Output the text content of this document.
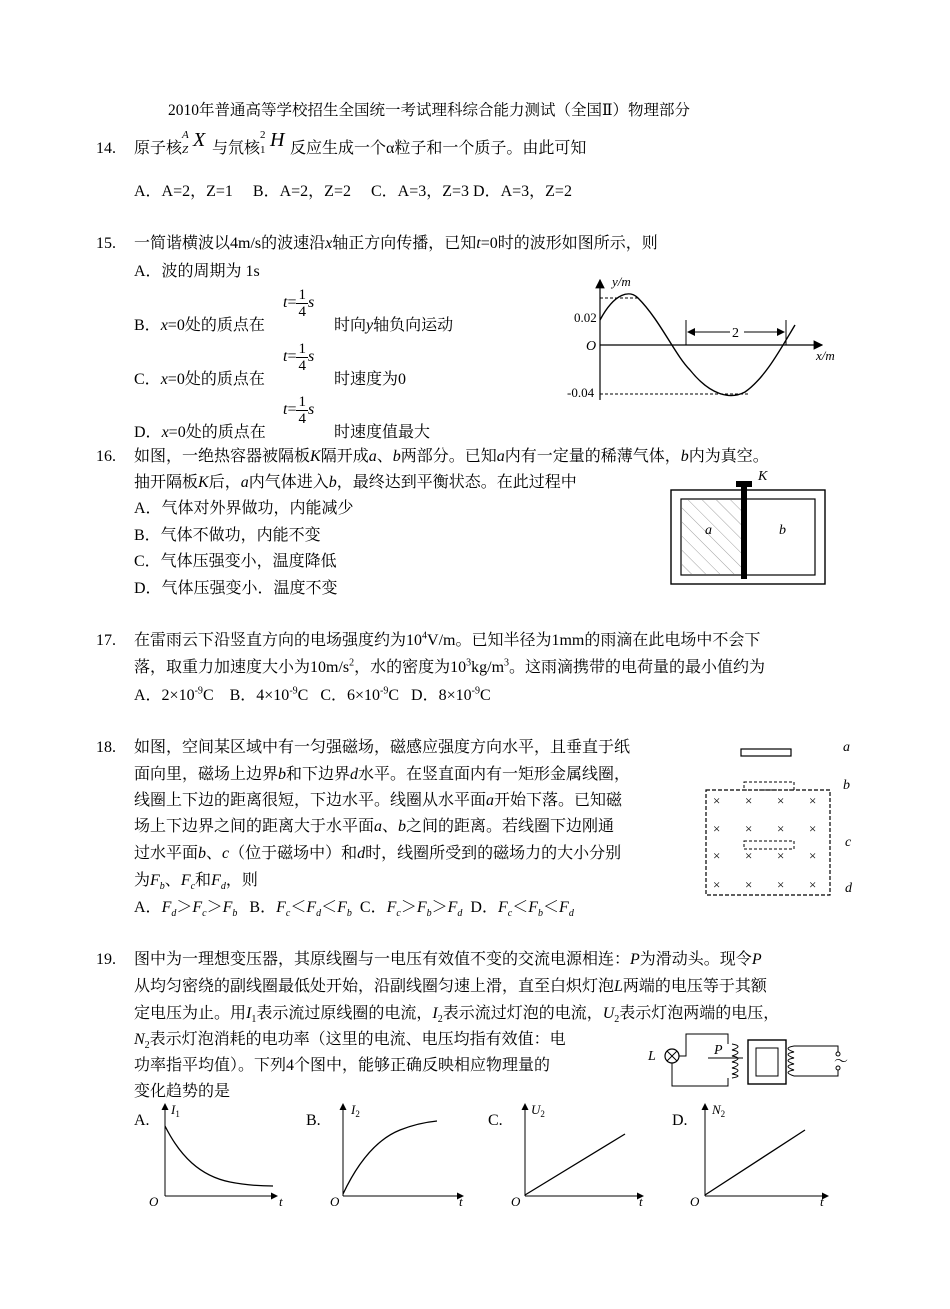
2010年普通高等学校招生全国统一考试理科综合能力测试（全国Ⅱ）物理部分
14. 原子核
A
Z X 与氘核
2
1 H 反应生成一个α粒子和一个质子。由此可知
A．A=2，Z=1　 B．A=2，Z=2　 C．A=3，Z=3 D．A=3，Z=2
15. 一简谐横波以4m/s的波速沿x轴正方向传播，已知t=0时的波形如图所示，则
A．波的周期为 1s
B．x=0处的质点在
$t= \frac{1}{4}$ s
时向y轴负向运动
C．x=0处的质点在
$t= \frac{1}{4}$ s
时速度为0
D．x=0处的质点在
$t= \frac{1}{4}$ s
时速度值最大
2
y/m
x/m
O
0.02
-0.04
16. 如图，一绝热容器被隔板K隔开成a、b两部分。已知a内有一定量的稀薄气体，b内为真空。
抽开隔板K后，a内气体进入b，最终达到平衡状态。在此过程中
A．气体对外界做功，内能减少
B．气体不做功，内能不变
C．气体压强变小，温度降低
D．气体压强变小．温度不变
K
a	b
17. 在雷雨云下沿竖直方向的电场强度约为$10^4V/m$。已知半径为1mm的雨滴在此电场中不会下
落，取重力加速度大小为$10m/s^2$，水的密度为$10^3kg/m^3$。这雨滴携带的电荷量的最小值约为
A．$2\times 10^{-9}C$ B．$4\times 10^{-9}C$ C．$6\times 10^{-9}C$ D．$8\times 10^{-9}C$
18. 如图，空间某区域中有一匀强磁场，磁感应强度方向水平，且垂直于纸
面向里，磁场上边界b和下边界d水平。在竖直面内有一矩形金属线圈，
线圈上下边的距离很短，下边水平。线圈从水平面a开始下落。已知磁
场上下边界之间的距离大于水平面a、b之间的距离。若线圈下边刚通
过水平面b、c（位于磁场中）和d时，线圈所受到的磁场力的大小分别
为$F_b$、$F_c$和$F_d$，则
A．$F_d>F_c>F_b$ B．$F_c<F_d<F_b$ C．$F_c>F_b>F_d$ D．$F_c<F_b<F_d$
a
b
c
d
× × × ×
× × × ×
× × × ×
× × × ×
19. 图中为一理想变压器，其原线圈与一电压有效值不变的交流电源相连：P为滑动头。现令P
从均匀密绕的副线圈最低处开始，沿副线圈匀速上滑，直至白炽灯泡L两端的电压等于其额
定电压为止。用$I_1$表示流过原线圈的电流，$I_2$表示流过灯泡的电流，$U_2$表示灯泡两端的电压，
$N_2$表示灯泡消耗的电功率（这里的电流、电压均指有效值：电
功率指平均值）。下列4个图中，能够正确反映相应物理量的
变化趋势的是
L	P
～
A.	B.	C.	D.
$I_1$
O	t
$I_2$
O	t
$U_2$
O	t
$N_2$
O	t
